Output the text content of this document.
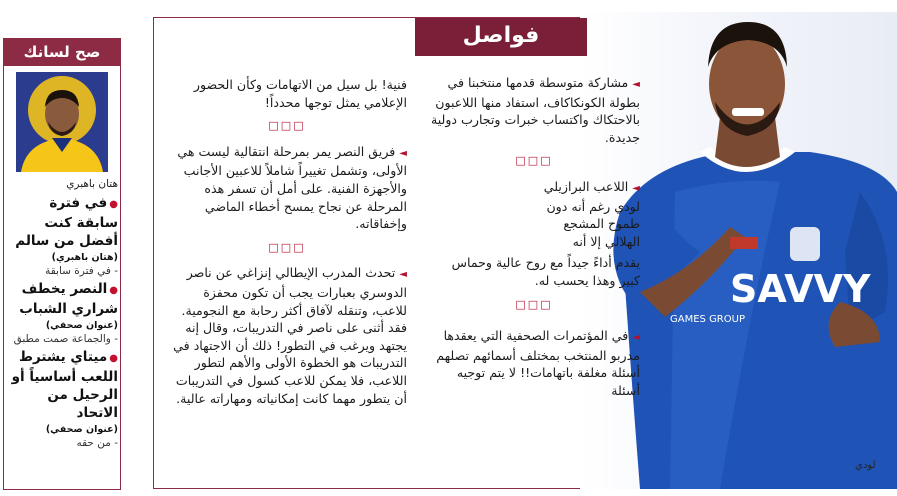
SAVVY
GAMES GROUP
لودي
فواصل

◄مشاركة متوسطة قدمها منتخبنا في بطولة الكونكاكاف، استفاد منها اللاعبون بالاحتكاك واكتساب خبرات وتجارب دولية جديدة.

□□□

◄اللاعب البرازيلي لودي رغم أنه دون طموح المشجع الهلالي إلا أنه

يقدم أداءً جيداً مع روح عالية وحماس كبير وهذا يحسب له.

□□□

◄في المؤتمرات الصحفية التي يعقدها مدربو المنتخب بمختلف أسمائهم تصلهم أسئلة مغلفة باتهامات!! لا يتم توجيه أسئلة

فنية! بل سيل من الاتهامات وكأن الحضور الإعلامي يمثل توجها محدداً!

□□□

◄فريق النصر يمر بمرحلة انتقالية ليست هي الأولى، وتشمل تغييراً شاملاً للاعبين الأجانب والأجهزة الفنية. على أمل أن تسفر هذه المرحلة عن نجاح يمسح أخطاء الماضي وإخفاقاته.

□□□

◄تحدث المدرب الإيطالي إنزاغي عن ناصر الدوسري بعبارات يجب أن تكون محفزة للاعب، وتنقله لآفاق أكثر رحابة مع النجومية. فقد أثنى على ناصر في التدريبات، وقال إنه يجتهد ويرغب في التطور! ذلك أن الاجتهاد في التدريبات هو الخطوة الأولى والأهم لتطور اللاعب، فلا يمكن للاعب كسول في التدريبات أن يتطور مهما كانت إمكانياته ومهاراته عالية.

صح لسانك
هتان باهبري
●في فترة سابقة كنت أفضل من سالم
(هتان باهبري)
- في فترة سابقة
●النصر يخطف شراري الشباب
(عنوان صحفي)
- والجماعة صمت مطبق
●ميتاي يشترط اللعب أساسياً أو الرحيل من الاتحاد
(عنوان صحفي)
- من حقه
